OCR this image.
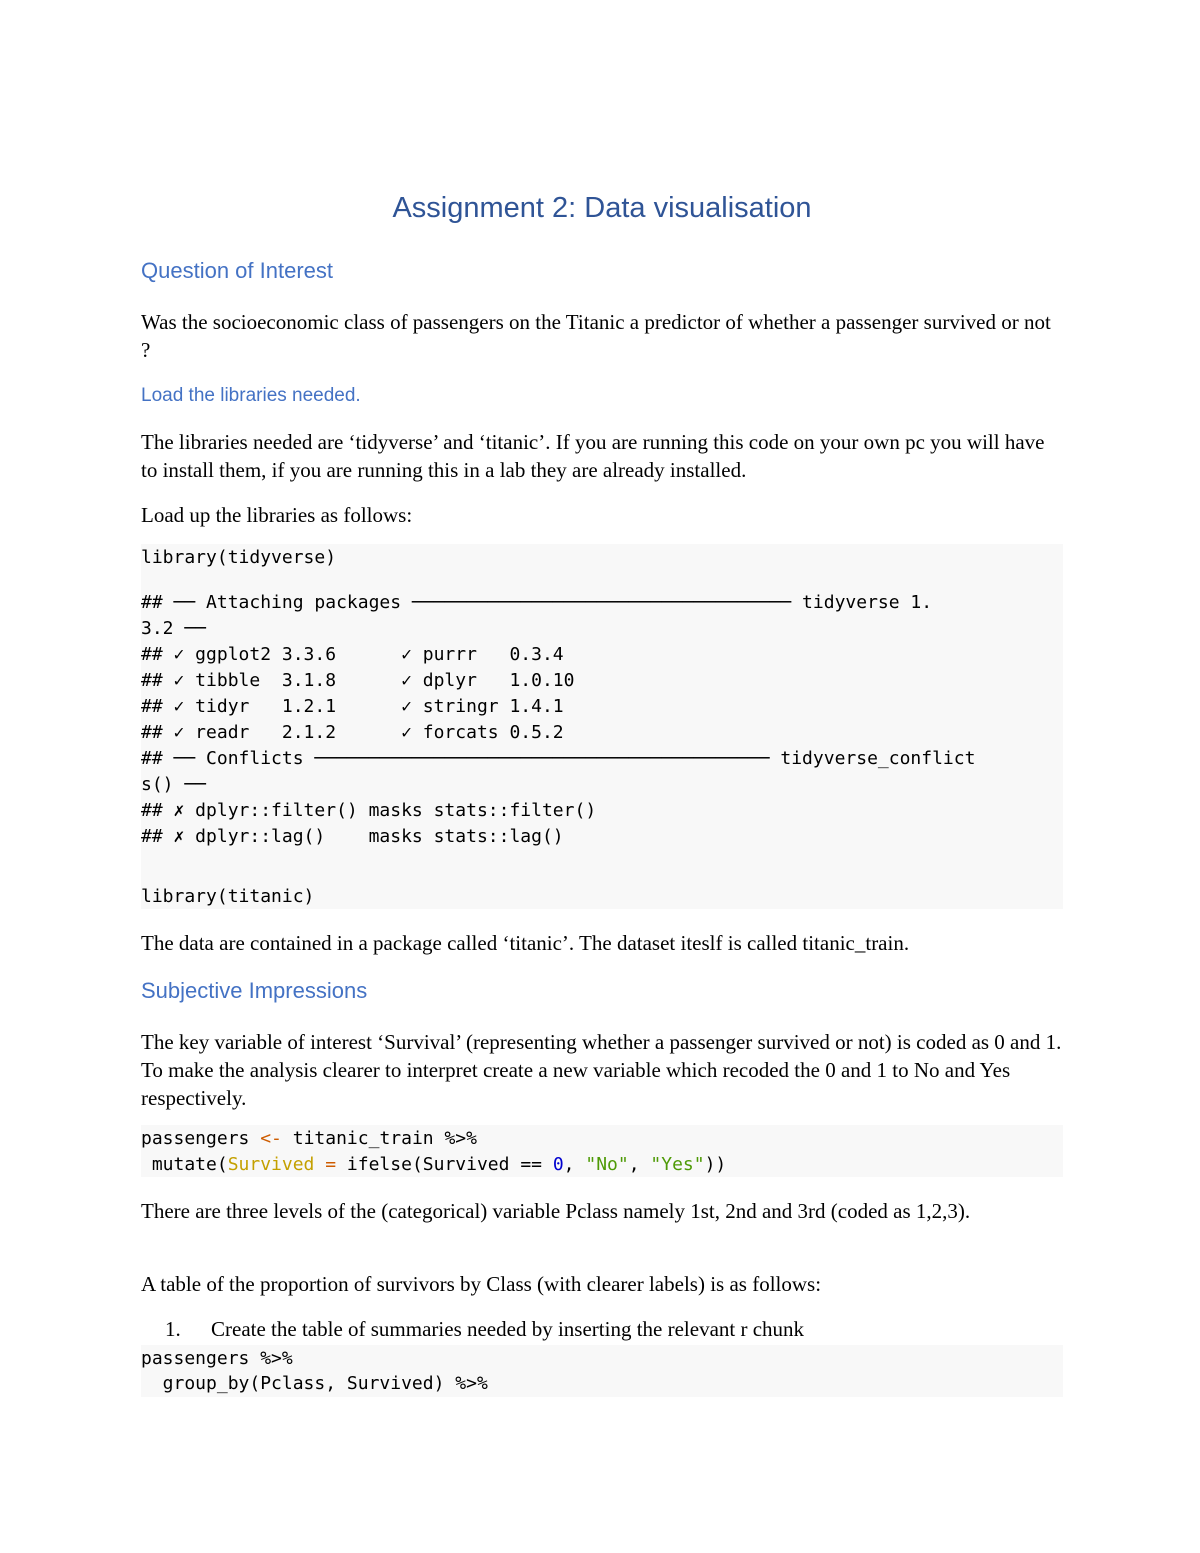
Assignment 2: Data visualisation
Question of Interest

Was the socioeconomic class of passengers on the Titanic a predictor of whether a passenger survived or not ?

Load the libraries needed.

The libraries needed are ‘tidyverse’ and ‘titanic’. If you are running this code on your own pc you will have to install them, if you are running this in a lab they are already installed.

Load up the libraries as follows:

library(tidyverse)
## ── Attaching packages ─────────────────────────────────── tidyverse 1.
3.2 ──
## ✓ ggplot2 3.3.6      ✓ purrr   0.3.4
## ✓ tibble  3.1.8      ✓ dplyr   1.0.10
## ✓ tidyr   1.2.1      ✓ stringr 1.4.1
## ✓ readr   2.1.2      ✓ forcats 0.5.2
## ── Conflicts ────────────────────────────────────────── tidyverse_conflict
s() ──
## ✗ dplyr::filter() masks stats::filter()
## ✗ dplyr::lag()    masks stats::lag()
library(titanic)

The data are contained in a package called ‘titanic’. The dataset iteslf is called titanic_train.

Subjective Impressions

The key variable of interest ‘Survival’ (representing whether a passenger survived or not) is coded as 0 and 1. To make the analysis clearer to interpret create a new variable which recoded the 0 and 1 to No and Yes respectively.

passengers <- titanic_train %>%
mutate(Survived = ifelse(Survived == 0, "No", "Yes"))

There are three levels of the (categorical) variable Pclass namely 1st, 2nd and 3rd (coded as 1,2,3).

A table of the proportion of survivors by Class (with clearer labels) is as follows:

1. Create the table of summaries needed by inserting the relevant r chunk

passengers %>%
group_by(Pclass, Survived) %>%
